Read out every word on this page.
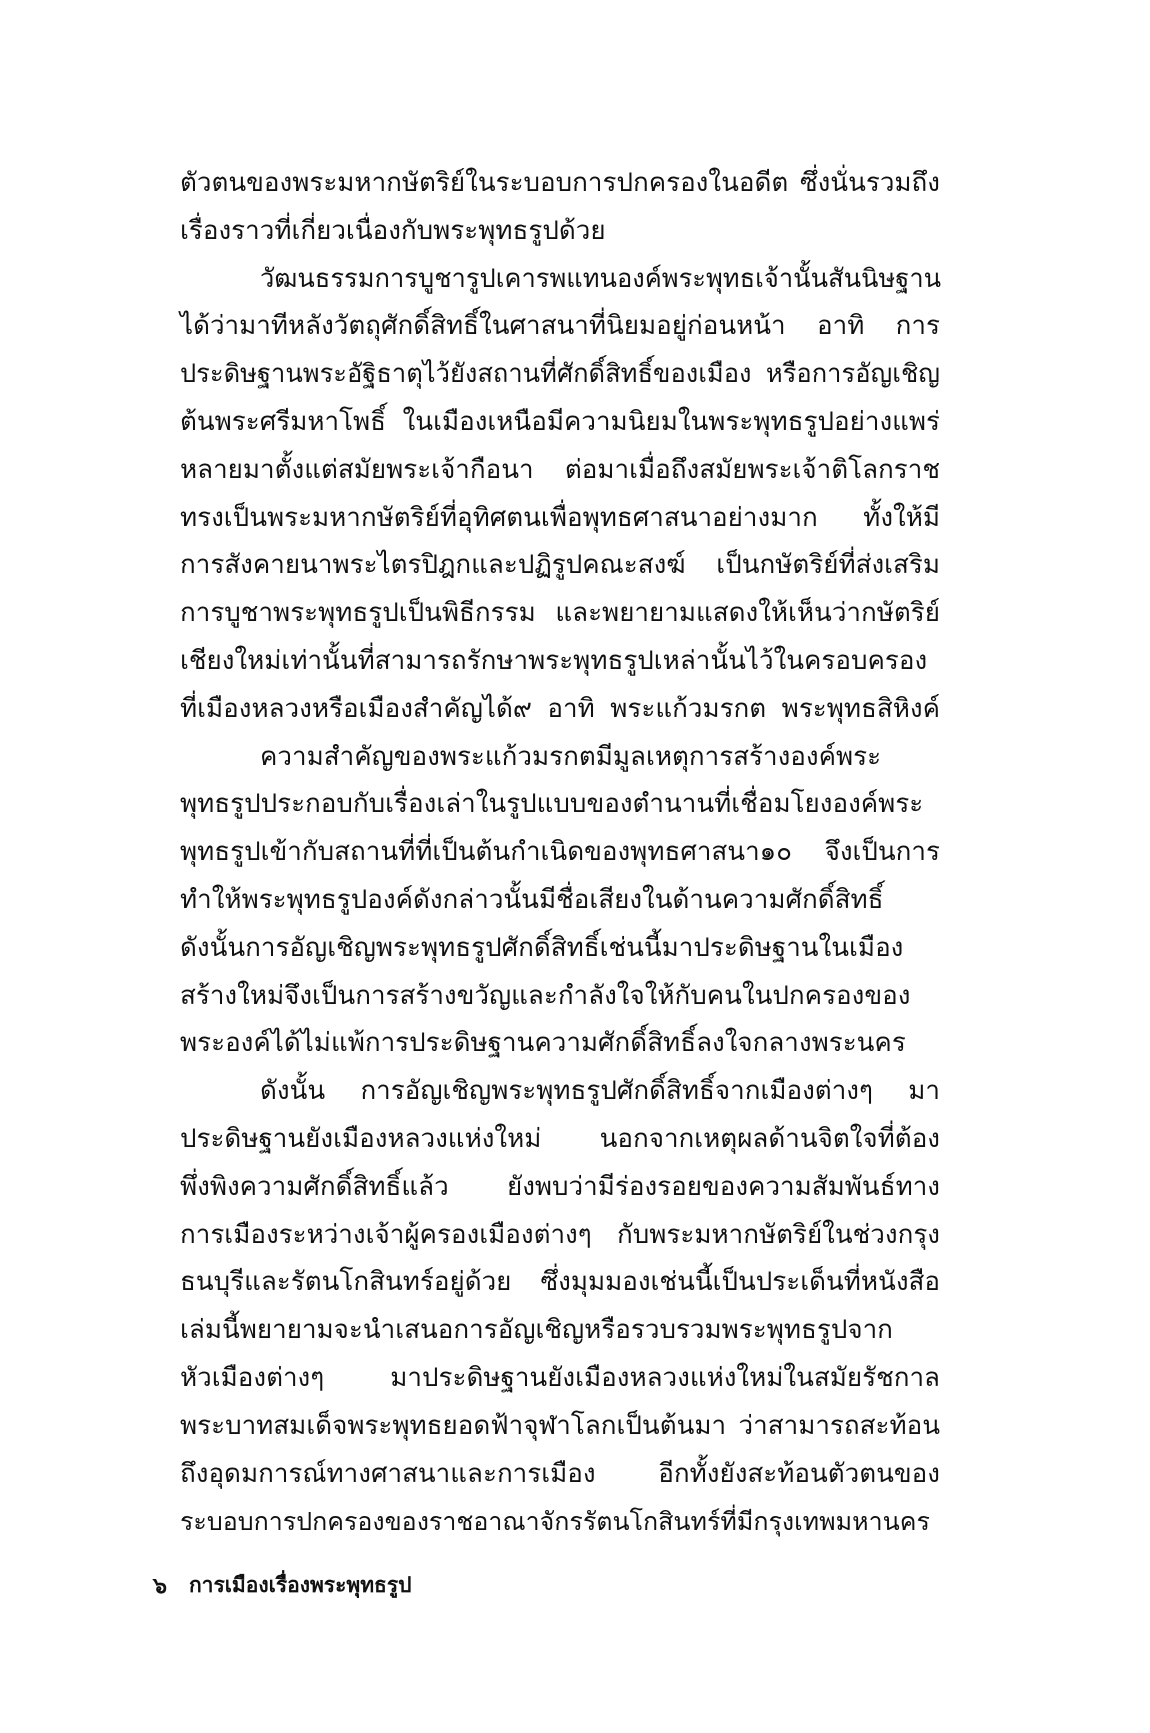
ตัวตนของพระมหากษัตริย์ในระบอบการปกครองในอดีต ซึ่งนั่นรวมถึง
เรื่องราวที่เกี่ยวเนื่องกับพระพุทธรูปด้วย
วัฒนธรรมการบูชารูปเคารพแทนองค์พระพุทธเจ้านั้นสันนิษฐาน
ได้ว่ามาทีหลังวัตถุศักดิ์สิทธิ์ในศาสนาที่นิยมอยู่ก่อนหน้า อาทิ การ
ประดิษฐานพระอัฐิธาตุไว้ยังสถานที่ศักดิ์สิทธิ์ของเมือง หรือการอัญเชิญ
ต้นพระศรีมหาโพธิ์ ในเมืองเหนือมีความนิยมในพระพุทธรูปอย่างแพร่
หลายมาตั้งแต่สมัยพระเจ้ากือนา ต่อมาเมื่อถึงสมัยพระเจ้าติโลกราช
ทรงเป็นพระมหากษัตริย์ที่อุทิศตนเพื่อพุทธศาสนาอย่างมาก ทั้งให้มี
การสังคายนาพระไตรปิฎกและปฏิรูปคณะสงฆ์ เป็นกษัตริย์ที่ส่งเสริม
การบูชาพระพุทธรูปเป็นพิธีกรรม และพยายามแสดงให้เห็นว่ากษัตริย์
เชียงใหม่เท่านั้นที่สามารถรักษาพระพุทธรูปเหล่านั้นไว้ในครอบครอง
ที่เมืองหลวงหรือเมืองสำคัญได้๙ อาทิ พระแก้วมรกต พระพุทธสิหิงค์
ความสำคัญของพระแก้วมรกตมีมูลเหตุการสร้างองค์พระ
พุทธรูปประกอบกับเรื่องเล่าในรูปแบบของตำนานที่เชื่อมโยงองค์พระ
พุทธรูปเข้ากับสถานที่ที่เป็นต้นกำเนิดของพุทธศาสนา๑๐ จึงเป็นการ
ทำให้พระพุทธรูปองค์ดังกล่าวนั้นมีชื่อเสียงในด้านความศักดิ์สิทธิ์
ดังนั้นการอัญเชิญพระพุทธรูปศักดิ์สิทธิ์เช่นนี้มาประดิษฐานในเมือง
สร้างใหม่จึงเป็นการสร้างขวัญและกำลังใจให้กับคนในปกครองของ
พระองค์ได้ไม่แพ้การประดิษฐานความศักดิ์สิทธิ์ลงใจกลางพระนคร
ดังนั้น การอัญเชิญพระพุทธรูปศักดิ์สิทธิ์จากเมืองต่างๆ มา
ประดิษฐานยังเมืองหลวงแห่งใหม่ นอกจากเหตุผลด้านจิตใจที่ต้อง
พึ่งพิงความศักดิ์สิทธิ์แล้ว ยังพบว่ามีร่องรอยของความสัมพันธ์ทาง
การเมืองระหว่างเจ้าผู้ครองเมืองต่างๆ กับพระมหากษัตริย์ในช่วงกรุง
ธนบุรีและรัตนโกสินทร์อยู่ด้วย ซึ่งมุมมองเช่นนี้เป็นประเด็นที่หนังสือ
เล่มนี้พยายามจะนำเสนอการอัญเชิญหรือรวบรวมพระพุทธรูปจาก
หัวเมืองต่างๆ มาประดิษฐานยังเมืองหลวงแห่งใหม่ในสมัยรัชกาล
พระบาทสมเด็จพระพุทธยอดฟ้าจุฬาโลกเป็นต้นมา ว่าสามารถสะท้อน
ถึงอุดมการณ์ทางศาสนาและการเมือง อีกทั้งยังสะท้อนตัวตนของ
ระบอบการปกครองของราชอาณาจักรรัตนโกสินทร์ที่มีกรุงเทพมหานคร
๖ การเมืองเรื่องพระพุทธรูป
